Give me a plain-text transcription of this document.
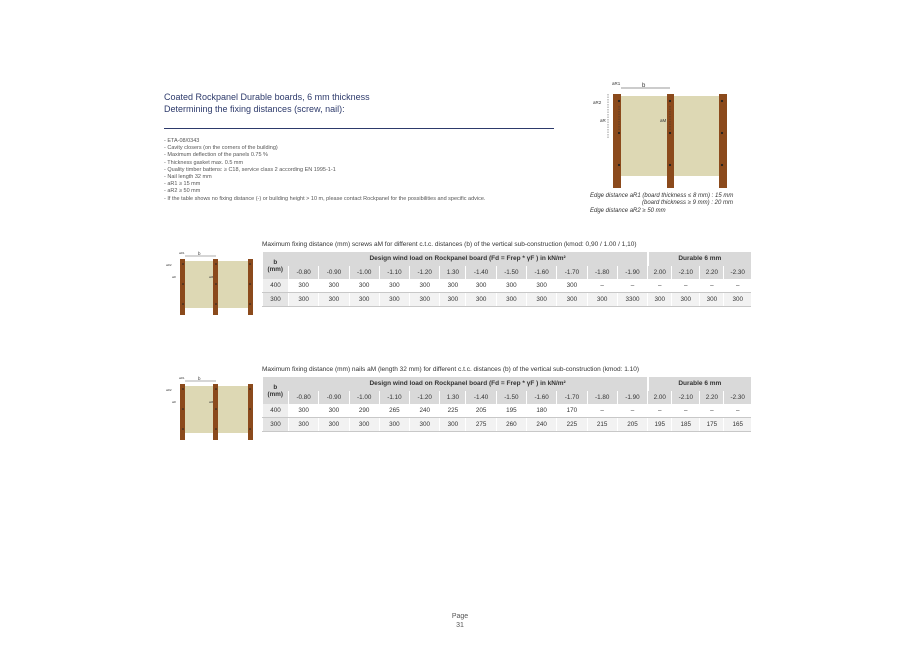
Coated Rockpanel Durable boards, 6 mm thickness
Determining the fixing distances (screw, nail):
- ETA-08/0343
- Cavity closers (on the corners of the building)
- Maximum deflection of the panels 0.75 %
- Thickness gasket max. 0.5 mm
- Quality timber battens: ≥ C18, service class 2 according EN 1995-1-1
- Nail length 32 mm
- aR1 ≥ 15 mm
- aR2 ≥ 50 mm
- If the table shows no fixing distance (-) or building height > 10 m, please contact Rockpanel for the possibilities and specific advice.
b
aR1
aR2
aR	aM
Edge distance aR1 (board thickness ≤ 8 mm) : 15 mm
(board thickness ≥ 9 mm) : 20 mm
Edge distance aR2 ≥ 50 mm
b
aR1
aR2
aR	aM
Maximum fixing distance (mm) screws aM for different c.t.c. distances (b) of the vertical sub-construction (kmod: 0,90 / 1.00 / 1,10)
b
(mm)	Design wind load on Rockpanel board (Fd = Frep * γF ) in kN/m²												Durable 6 mm			
	-0.80	-0.90	-1.00	-1.10	-1.20	1.30	-1.40	-1.50	-1.60	-1.70	-1.80	-1.90	2.00	-2.10	2.20	-2.30
400	300	300	300	300	300	300	300	300	300	300	–	–	–	–	–	–
300	300	300	300	300	300	300	300	300	300	300	300	3300	300	300	300	300
b
aR1
aR2
aR	aM
Maximum fixing distance (mm) nails aM (length 32 mm) for different c.t.c. distances (b) of the vertical sub-construction (kmod: 1.10)
b
(mm)	Design wind load on Rockpanel board (Fd = Frep * γF ) in kN/m²												Durable 6 mm			
	-0.80	-0.90	-1.00	-1.10	-1.20	1.30	-1.40	-1.50	-1.60	-1.70	-1.80	-1.90	2.00	-2.10	2.20	-2.30
400	300	300	290	265	240	225	205	195	180	170	–	–	–	–	–	–
300	300	300	300	300	300	300	275	260	240	225	215	205	195	185	175	165
Page
31
